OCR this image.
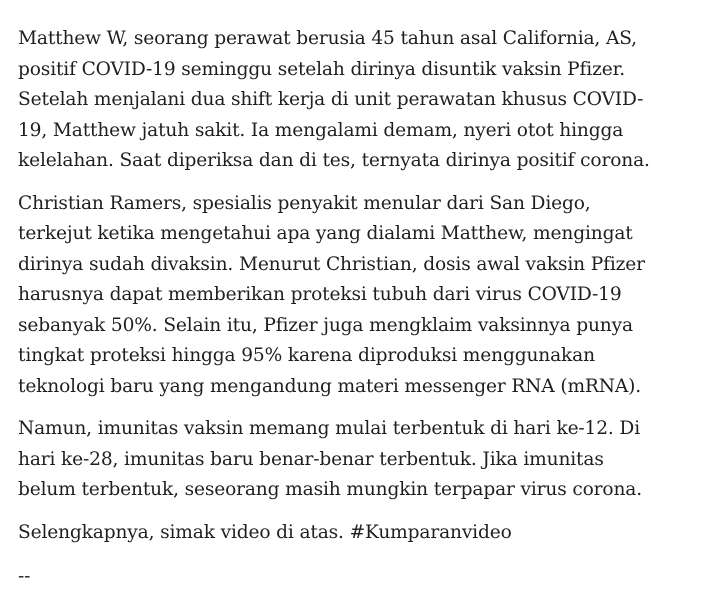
Matthew W, seorang perawat berusia 45 tahun asal California, AS, positif COVID-19 seminggu setelah dirinya disuntik vaksin Pfizer. Setelah menjalani dua shift kerja di unit perawatan khusus COVID-19, Matthew jatuh sakit. Ia mengalami demam, nyeri otot hingga kelelahan. Saat diperiksa dan di tes, ternyata dirinya positif corona.

Christian Ramers, spesialis penyakit menular dari San Diego, terkejut ketika mengetahui apa yang dialami Matthew, mengingat dirinya sudah divaksin. Menurut Christian, dosis awal vaksin Pfizer harusnya dapat memberikan proteksi tubuh dari virus COVID-19 sebanyak 50%. Selain itu, Pfizer juga mengklaim vaksinnya punya tingkat proteksi hingga 95% karena diproduksi menggunakan teknologi baru yang mengandung materi messenger RNA (mRNA).

Namun, imunitas vaksin memang mulai terbentuk di hari ke-12. Di hari ke-28, imunitas baru benar-benar terbentuk. Jika imunitas belum terbentuk, seseorang masih mungkin terpapar virus corona.

Selengkapnya, simak video di atas. #Kumparanvideo

--
